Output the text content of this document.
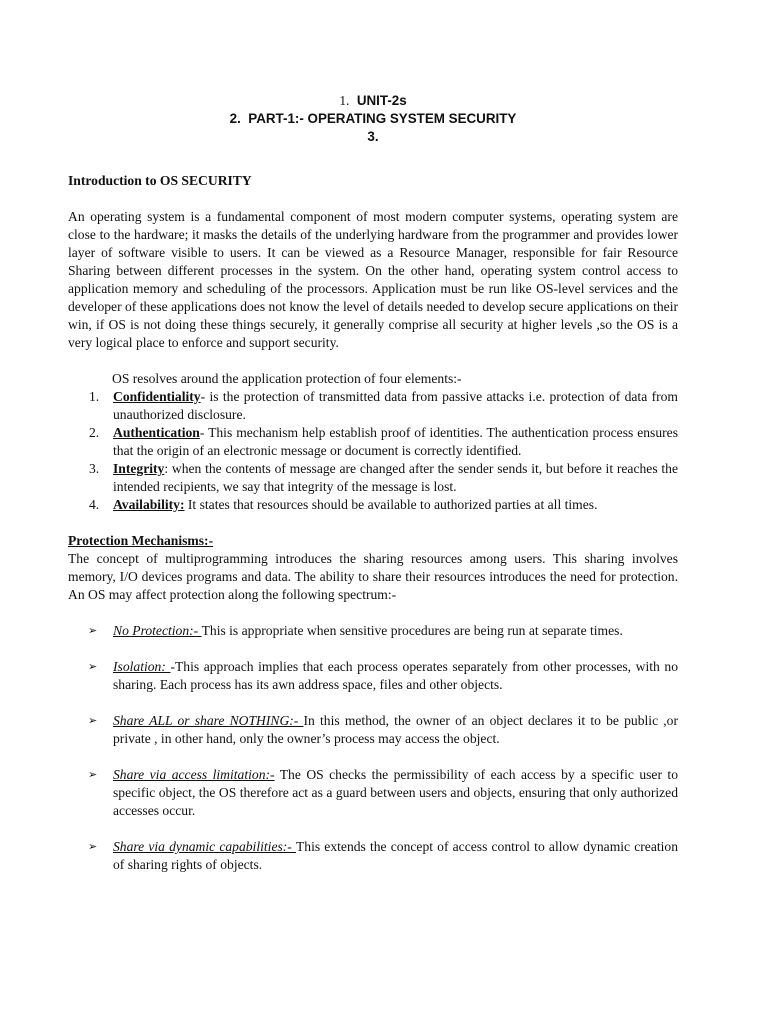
1. UNIT-2s
2. PART-1:- OPERATING SYSTEM SECURITY
3.
Introduction to OS SECURITY
An operating system is a fundamental component of most modern computer systems, operating system are close to the hardware; it masks the details of the underlying hardware from the programmer and provides lower layer of software visible to users. It can be viewed as a Resource Manager, responsible for fair Resource Sharing between different processes in the system. On the other hand, operating system control access to application memory and scheduling of the processors. Application must be run like OS-level services and the developer of these applications does not know the level of details needed to develop secure applications on their win, if OS is not doing these things securely, it generally comprise all security at higher levels ,so the OS is a very logical place to enforce and support security.
OS resolves around the application protection of four elements:-
1. Confidentiality- is the protection of transmitted data from passive attacks i.e. protection of data from unauthorized disclosure.
2. Authentication- This mechanism help establish proof of identities. The authentication process ensures that the origin of an electronic message or document is correctly identified.
3. Integrity: when the contents of message are changed after the sender sends it, but before it reaches the intended recipients, we say that integrity of the message is lost.
4. Availability: It states that resources should be available to authorized parties at all times.
Protection Mechanisms:-
The concept of multiprogramming introduces the sharing resources among users. This sharing involves memory, I/O devices programs and data. The ability to share their resources introduces the need for protection. An OS may affect protection along the following spectrum:-
➢ No Protection:- This is appropriate when sensitive procedures are being run at separate times.
➢ Isolation: -This approach implies that each process operates separately from other processes, with no sharing. Each process has its awn address space, files and other objects.
➢ Share ALL or share NOTHING:- In this method, the owner of an object declares it to be public ,or private , in other hand, only the owner’s process may access the object.
➢ Share via access limitation:- The OS checks the permissibility of each access by a specific user to specific object, the OS therefore act as a guard between users and objects, ensuring that only authorized accesses occur.
➢ Share via dynamic capabilities:- This extends the concept of access control to allow dynamic creation of sharing rights of objects.
